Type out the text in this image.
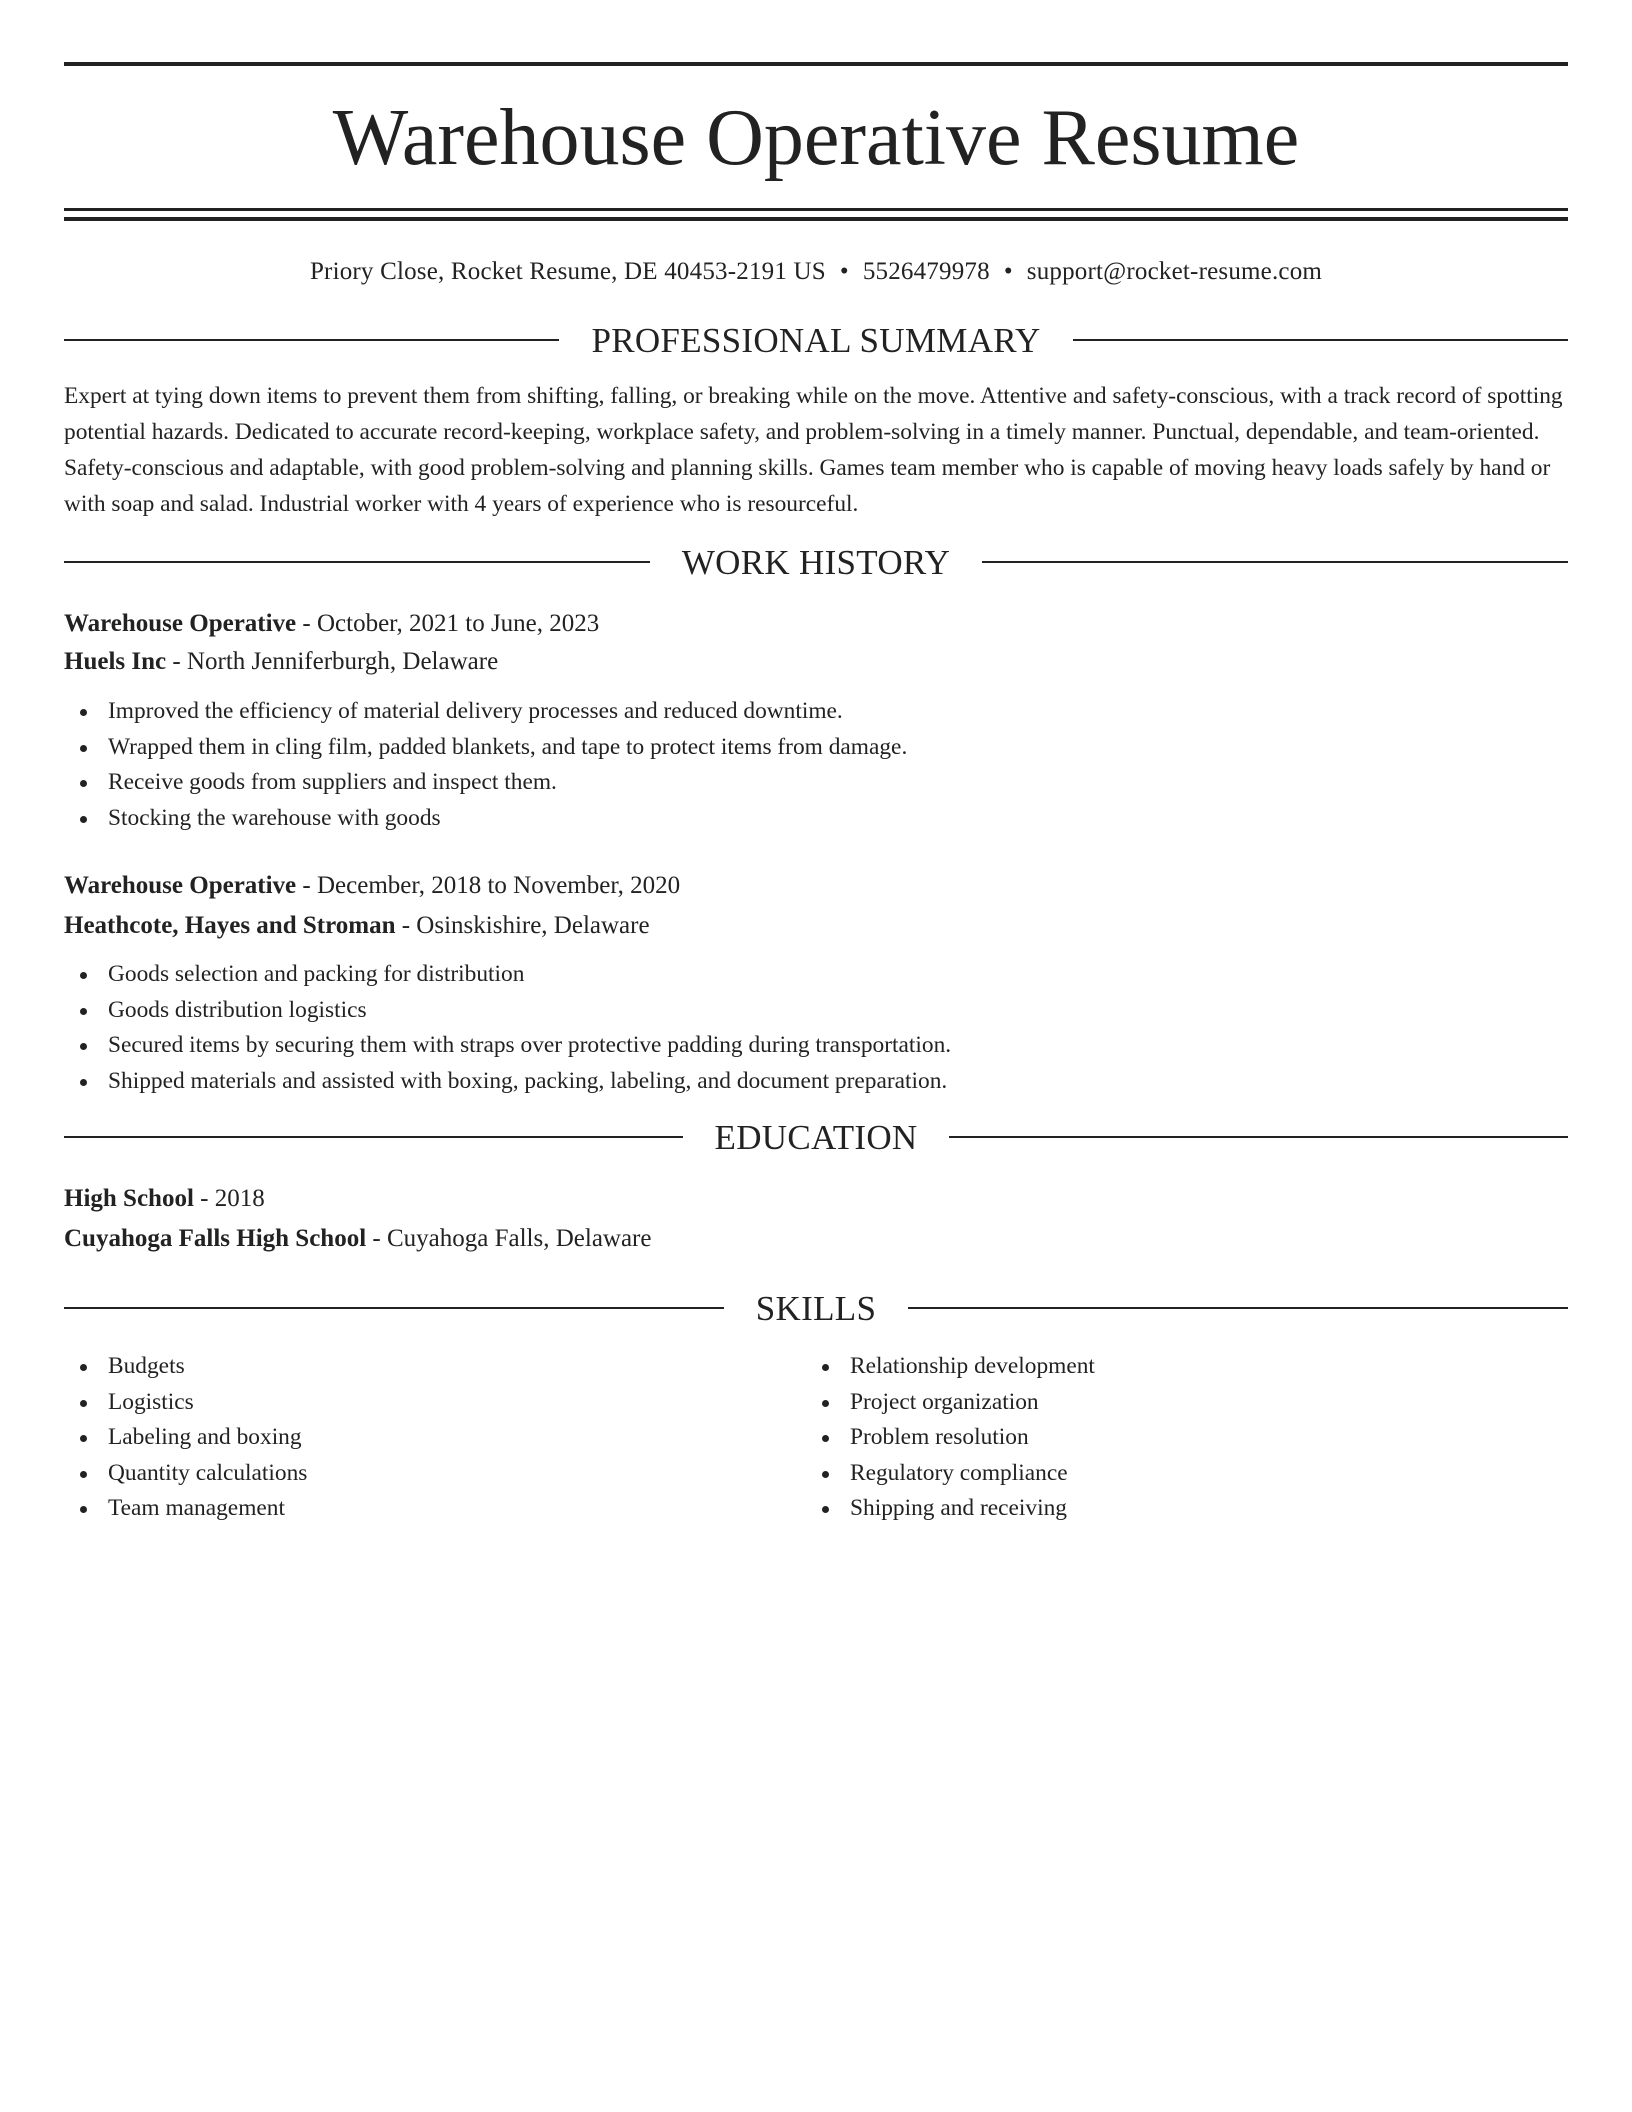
Warehouse Operative Resume
Priory Close, Rocket Resume, DE 40453-2191 US • 5526479978 • support@rocket-resume.com
PROFESSIONAL SUMMARY

Expert at tying down items to prevent them from shifting, falling, or breaking while on the move. Attentive and safety-conscious, with a track record of spotting potential hazards. Dedicated to accurate record-keeping, workplace safety, and problem-solving in a timely manner. Punctual, dependable, and team-oriented. Safety-conscious and adaptable, with good problem-solving and planning skills. Games team member who is capable of moving heavy loads safely by hand or with soap and salad. Industrial worker with 4 years of experience who is resourceful.

WORK HISTORY

Warehouse Operative - October, 2021 to June, 2023

Huels Inc - North Jenniferburgh, Delaware

Improved the efficiency of material delivery processes and reduced downtime.
Wrapped them in cling film, padded blankets, and tape to protect items from damage.
Receive goods from suppliers and inspect them.
Stocking the warehouse with goods

Warehouse Operative - December, 2018 to November, 2020

Heathcote, Hayes and Stroman - Osinskishire, Delaware

Goods selection and packing for distribution
Goods distribution logistics
Secured items by securing them with straps over protective padding during transportation.
Shipped materials and assisted with boxing, packing, labeling, and document preparation.
EDUCATION

High School - 2018

Cuyahoga Falls High School - Cuyahoga Falls, Delaware

SKILLS
Budgets
Logistics
Labeling and boxing
Quantity calculations
Team management
Relationship development
Project organization
Problem resolution
Regulatory compliance
Shipping and receiving
